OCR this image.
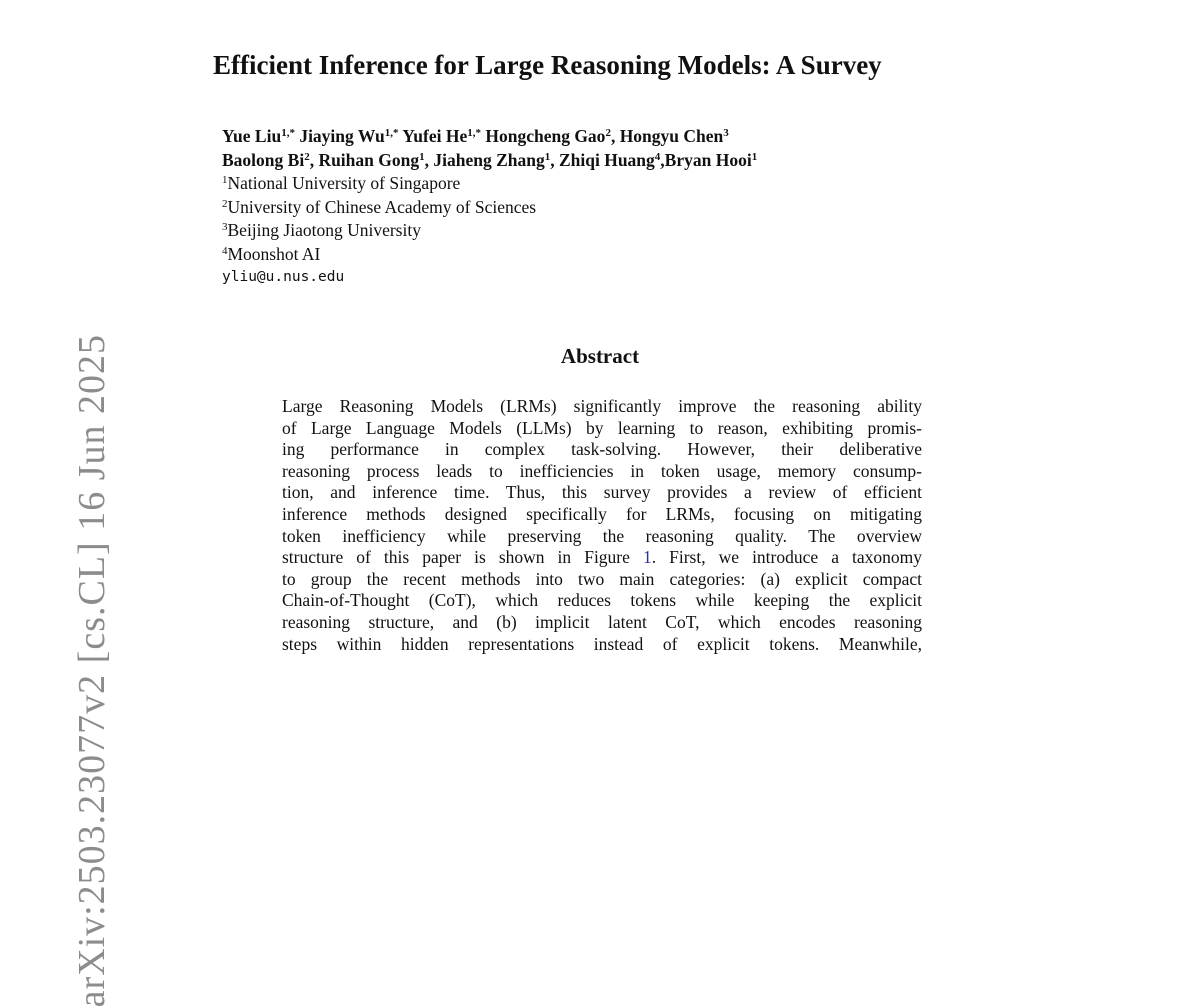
arXiv:2503.23077v2 [cs.CL] 16 Jun 2025
Efficient Inference for Large Reasoning Models: A Survey
Yue Liu$^{1,*}$ Jiaying $Wu^{1,*}$ Yufei $He^{1,*}$ Hongcheng Gao$^2$, Hongyu Chen$^3$
Baolong Bi$^2$, Ruihan Gong$^1$, Jiaheng Zhang$^1$, Zhiqi Huang$^4$,Bryan Hooi$^1$
$^1$National University of Singapore
$^2$University of Chinese Academy of Sciences
$^3$Beijing Jiaotong University
$^4$Moonshot AI
yliu@u.nus.edu
Abstract
Large Reasoning Models (LRMs) significantly improve the reasoning ability
of Large Language Models (LLMs) by learning to reason, exhibiting promis-
ing performance in complex task-solving. However, their deliberative
reasoning process leads to inefficiencies in token usage, memory consump-
tion, and inference time. Thus, this survey provides a review of efficient
inference methods designed specifically for LRMs, focusing on mitigating
token inefficiency while preserving the reasoning quality. The overview
structure of this paper is shown in Figure 1. First, we introduce a taxonomy
to group the recent methods into two main categories: (a) explicit compact
Chain-of-Thought (CoT), which reduces tokens while keeping the explicit
reasoning structure, and (b) implicit latent CoT, which encodes reasoning
steps within hidden representations instead of explicit tokens. Meanwhile,
